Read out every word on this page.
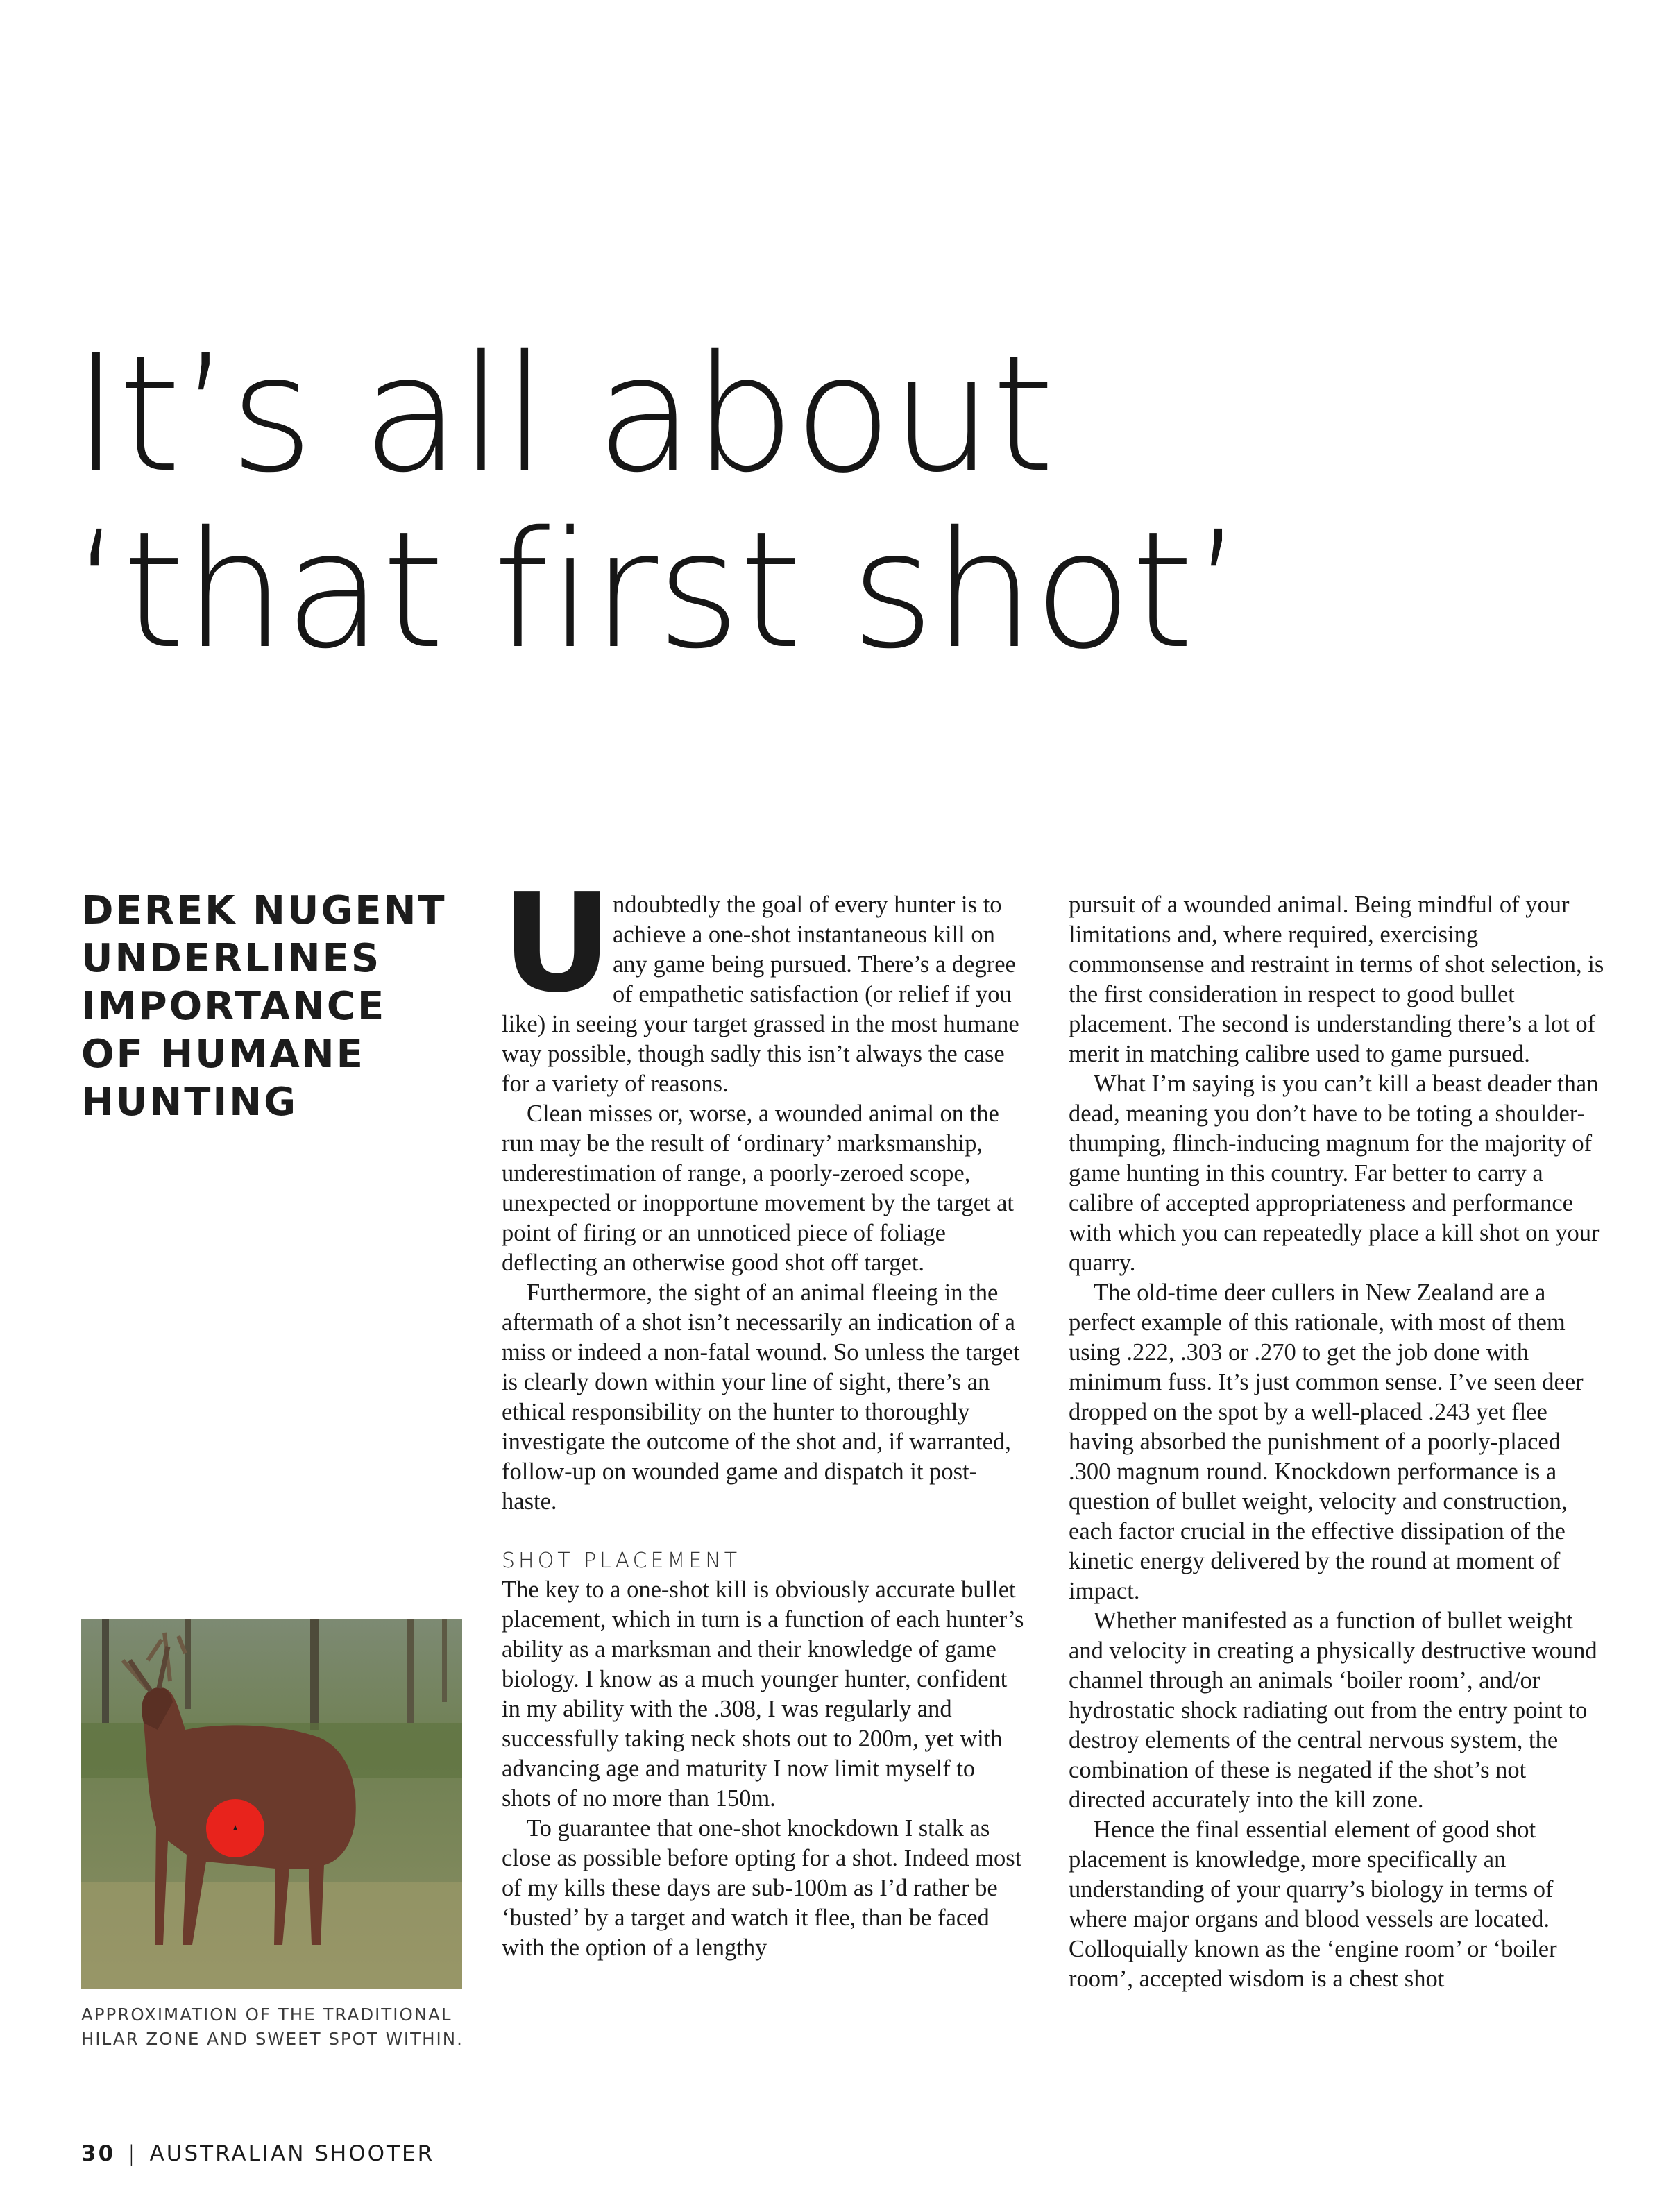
It’s all about
‘that first shot’
DEREK NUGENT
UNDERLINES
IMPORTANCE
OF HUMANE
HUNTING
U ndoubtedly the goal of every hunter is to achieve a one-shot instantaneous kill on any game being pursued. There’s a degree of empathetic satisfaction (or relief if you like) in seeing your target grassed in the most humane way possible, though sadly this isn’t always the case for a variety of reasons.

Clean misses or, worse, a wounded animal on the run may be the result of ‘ordinary’ marksmanship, underestimation of range, a poorly-zeroed scope, unexpected or inopportune movement by the target at point of firing or an unnoticed piece of foliage deflecting an otherwise good shot off target.

Furthermore, the sight of an animal fleeing in the aftermath of a shot isn’t necessarily an indication of a miss or indeed a non-fatal wound. So unless the target is clearly down within your line of sight, there’s an ethical responsibility on the hunter to thoroughly investigate the outcome of the shot and, if warranted, follow-up on wounded game and dispatch it post-haste.

SHOT PLACEMENT

The key to a one-shot kill is obviously accurate bullet placement, which in turn is a function of each hunter’s ability as a marksman and their knowledge of game biology. I know as a much younger hunter, confident in my ability with the .308, I was regularly and successfully taking neck shots out to 200m, yet with advancing age and maturity I now limit myself to shots of no more than 150m.

To guarantee that one-shot knockdown I stalk as close as possible before opting for a shot. Indeed most of my kills these days are sub-100m as I’d rather be ‘busted’ by a target and watch it flee, than be faced with the option of a lengthy

pursuit of a wounded animal. Being mindful of your limitations and, where required, exercising commonsense and restraint in terms of shot selection, is the first consideration in respect to good bullet placement. The second is understanding there’s a lot of merit in matching calibre used to game pursued.

What I’m saying is you can’t kill a beast deader than dead, meaning you don’t have to be toting a shoulder-thumping, flinch-inducing magnum for the majority of game hunting in this country. Far better to carry a calibre of accepted appropriateness and performance with which you can repeatedly place a kill shot on your quarry.

The old-time deer cullers in New Zealand are a perfect example of this rationale, with most of them using .222, .303 or .270 to get the job done with minimum fuss. It’s just common sense. I’ve seen deer dropped on the spot by a well-placed .243 yet flee having absorbed the punishment of a poorly-placed .300 magnum round. Knockdown performance is a question of bullet weight, velocity and construction, each factor crucial in the effective dissipation of the kinetic energy delivered by the round at moment of impact.

Whether manifested as a function of bullet weight and velocity in creating a physically destructive wound channel through an animals ‘boiler room’, and/or hydrostatic shock radiating out from the entry point to destroy elements of the central nervous system, the combination of these is negated if the shot’s not directed accurately into the kill zone.

Hence the final essential element of good shot placement is knowledge, more specifically an understanding of your quarry’s biology in terms of where major organs and blood vessels are located. Colloquially known as the ‘engine room’ or ‘boiler room’, accepted wisdom is a chest shot

APPROXIMATION OF THE TRADITIONAL
HILAR ZONE AND SWEET SPOT WITHIN.
30 | AUSTRALIAN SHOOTER
